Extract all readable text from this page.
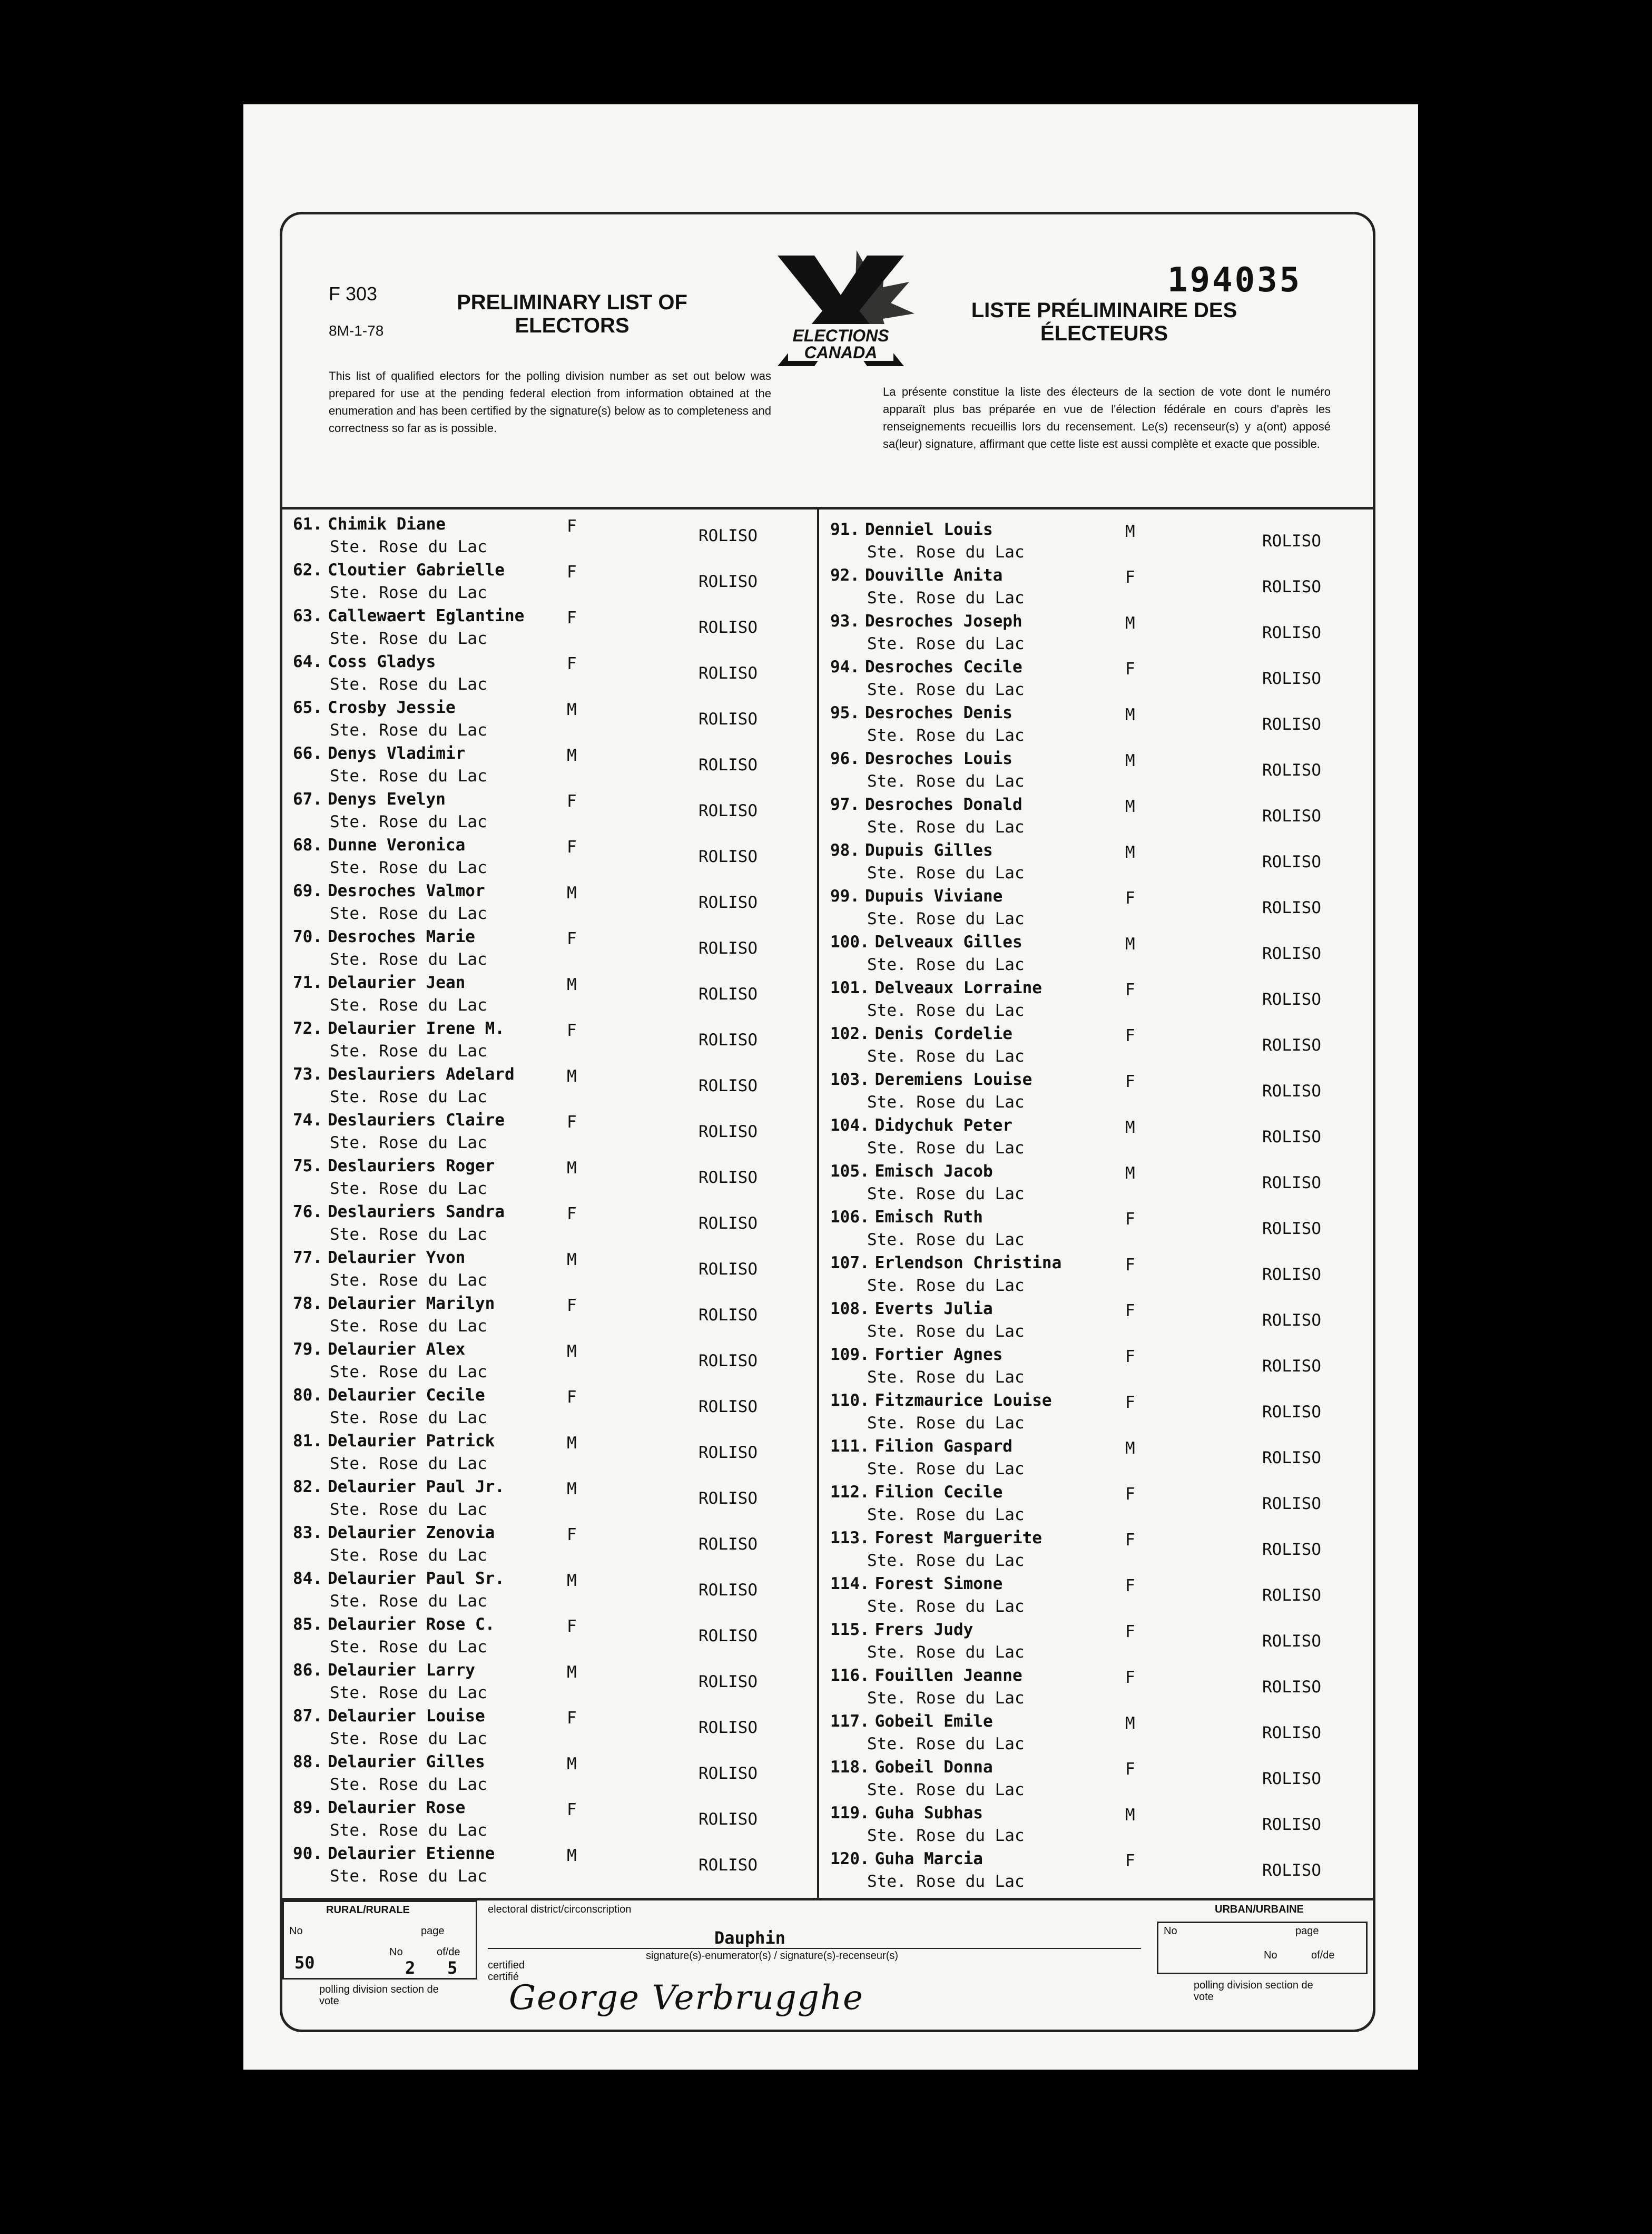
F 303
8M-1-78
PRELIMINARY LIST OF ELECTORS
LISTE PRÉLIMINAIRE DES ÉLECTEURS
194035
ELECTIONS
CANADA
This list of qualified electors for the polling division number as set out below was prepared for use at the pending federal election from information obtained at the enumeration and has been certified by the signature(s) below as to completeness and correctness so far as is possible.
La présente constitue la liste des électeurs de la section de vote dont le numéro apparaît plus bas préparée en vue de l'élection fédérale en cours d'après les renseignements recueillis lors du recensement. Le(s) recenseur(s) y a(ont) apposé sa(leur) signature, affirmant que cette liste est aussi complète et exacte que possible.
61. Chimik Diane	F
Ste. Rose du Lac
ROLISO
62. Cloutier Gabrielle	F
Ste. Rose du Lac
ROLISO
63. Callewaert Eglantine	F
Ste. Rose du Lac
ROLISO
64. Coss Gladys	F
Ste. Rose du Lac
ROLISO
65. Crosby Jessie	M
Ste. Rose du Lac
ROLISO
66. Denys Vladimir	M
Ste. Rose du Lac
ROLISO
67. Denys Evelyn	F
Ste. Rose du Lac
ROLISO
68. Dunne Veronica	F
Ste. Rose du Lac
ROLISO
69. Desroches Valmor	M
Ste. Rose du Lac
ROLISO
70. Desroches Marie	F
Ste. Rose du Lac
ROLISO
71. Delaurier Jean	M
Ste. Rose du Lac
ROLISO
72. Delaurier Irene M.	F
Ste. Rose du Lac
ROLISO
73. Deslauriers Adelard	M
Ste. Rose du Lac
ROLISO
74. Deslauriers Claire	F
Ste. Rose du Lac
ROLISO
75. Deslauriers Roger	M
Ste. Rose du Lac
ROLISO
76. Deslauriers Sandra	F
Ste. Rose du Lac
ROLISO
77. Delaurier Yvon	M
Ste. Rose du Lac
ROLISO
78. Delaurier Marilyn	F
Ste. Rose du Lac
ROLISO
79. Delaurier Alex	M
Ste. Rose du Lac
ROLISO
80. Delaurier Cecile	F
Ste. Rose du Lac
ROLISO
81. Delaurier Patrick	M
Ste. Rose du Lac
ROLISO
82. Delaurier Paul Jr.	M
Ste. Rose du Lac
ROLISO
83. Delaurier Zenovia	F
Ste. Rose du Lac
ROLISO
84. Delaurier Paul Sr.	M
Ste. Rose du Lac
ROLISO
85. Delaurier Rose C.	F
Ste. Rose du Lac
ROLISO
86. Delaurier Larry	M
Ste. Rose du Lac
ROLISO
87. Delaurier Louise	F
Ste. Rose du Lac
ROLISO
88. Delaurier Gilles	M
Ste. Rose du Lac
ROLISO
89. Delaurier Rose	F
Ste. Rose du Lac
ROLISO
90. Delaurier Etienne	M
Ste. Rose du Lac
ROLISO
91. Denniel Louis	M
Ste. Rose du Lac
ROLISO
92. Douville Anita	F
Ste. Rose du Lac
ROLISO
93. Desroches Joseph	M
Ste. Rose du Lac
ROLISO
94. Desroches Cecile	F
Ste. Rose du Lac
ROLISO
95. Desroches Denis	M
Ste. Rose du Lac
ROLISO
96. Desroches Louis	M
Ste. Rose du Lac
ROLISO
97. Desroches Donald	M
Ste. Rose du Lac
ROLISO
98. Dupuis Gilles	M
Ste. Rose du Lac
ROLISO
99. Dupuis Viviane	F
Ste. Rose du Lac
ROLISO
100. Delveaux Gilles	M
Ste. Rose du Lac
ROLISO
101. Delveaux Lorraine	F
Ste. Rose du Lac
ROLISO
102. Denis Cordelie	F
Ste. Rose du Lac
ROLISO
103. Deremiens Louise	F
Ste. Rose du Lac
ROLISO
104. Didychuk Peter	M
Ste. Rose du Lac
ROLISO
105. Emisch Jacob	M
Ste. Rose du Lac
ROLISO
106. Emisch Ruth	F
Ste. Rose du Lac
ROLISO
107. Erlendson Christina	F
Ste. Rose du Lac
ROLISO
108. Everts Julia	F
Ste. Rose du Lac
ROLISO
109. Fortier Agnes	F
Ste. Rose du Lac
ROLISO
110. Fitzmaurice Louise	F
Ste. Rose du Lac
ROLISO
111. Filion Gaspard	M
Ste. Rose du Lac
ROLISO
112. Filion Cecile	F
Ste. Rose du Lac
ROLISO
113. Forest Marguerite	F
Ste. Rose du Lac
ROLISO
114. Forest Simone	F
Ste. Rose du Lac
ROLISO
115. Frers Judy	F
Ste. Rose du Lac
ROLISO
116. Fouillen Jeanne	F
Ste. Rose du Lac
ROLISO
117. Gobeil Emile	M
Ste. Rose du Lac
ROLISO
118. Gobeil Donna	F
Ste. Rose du Lac
ROLISO
119. Guha Subhas	M
Ste. Rose du Lac
ROLISO
120. Guha Marcia	F
Ste. Rose du Lac
ROLISO
RURAL/RURALE
No	page
No	of/de
50	2 5
polling division section de vote
electoral district/circonscription
Dauphin
signature(s)-enumerator(s) / signature(s)-recenseur(s)
certified certifié
George Verbrugghe
URBAN/URBAINE
No	page
No	of/de
polling division section de vote
